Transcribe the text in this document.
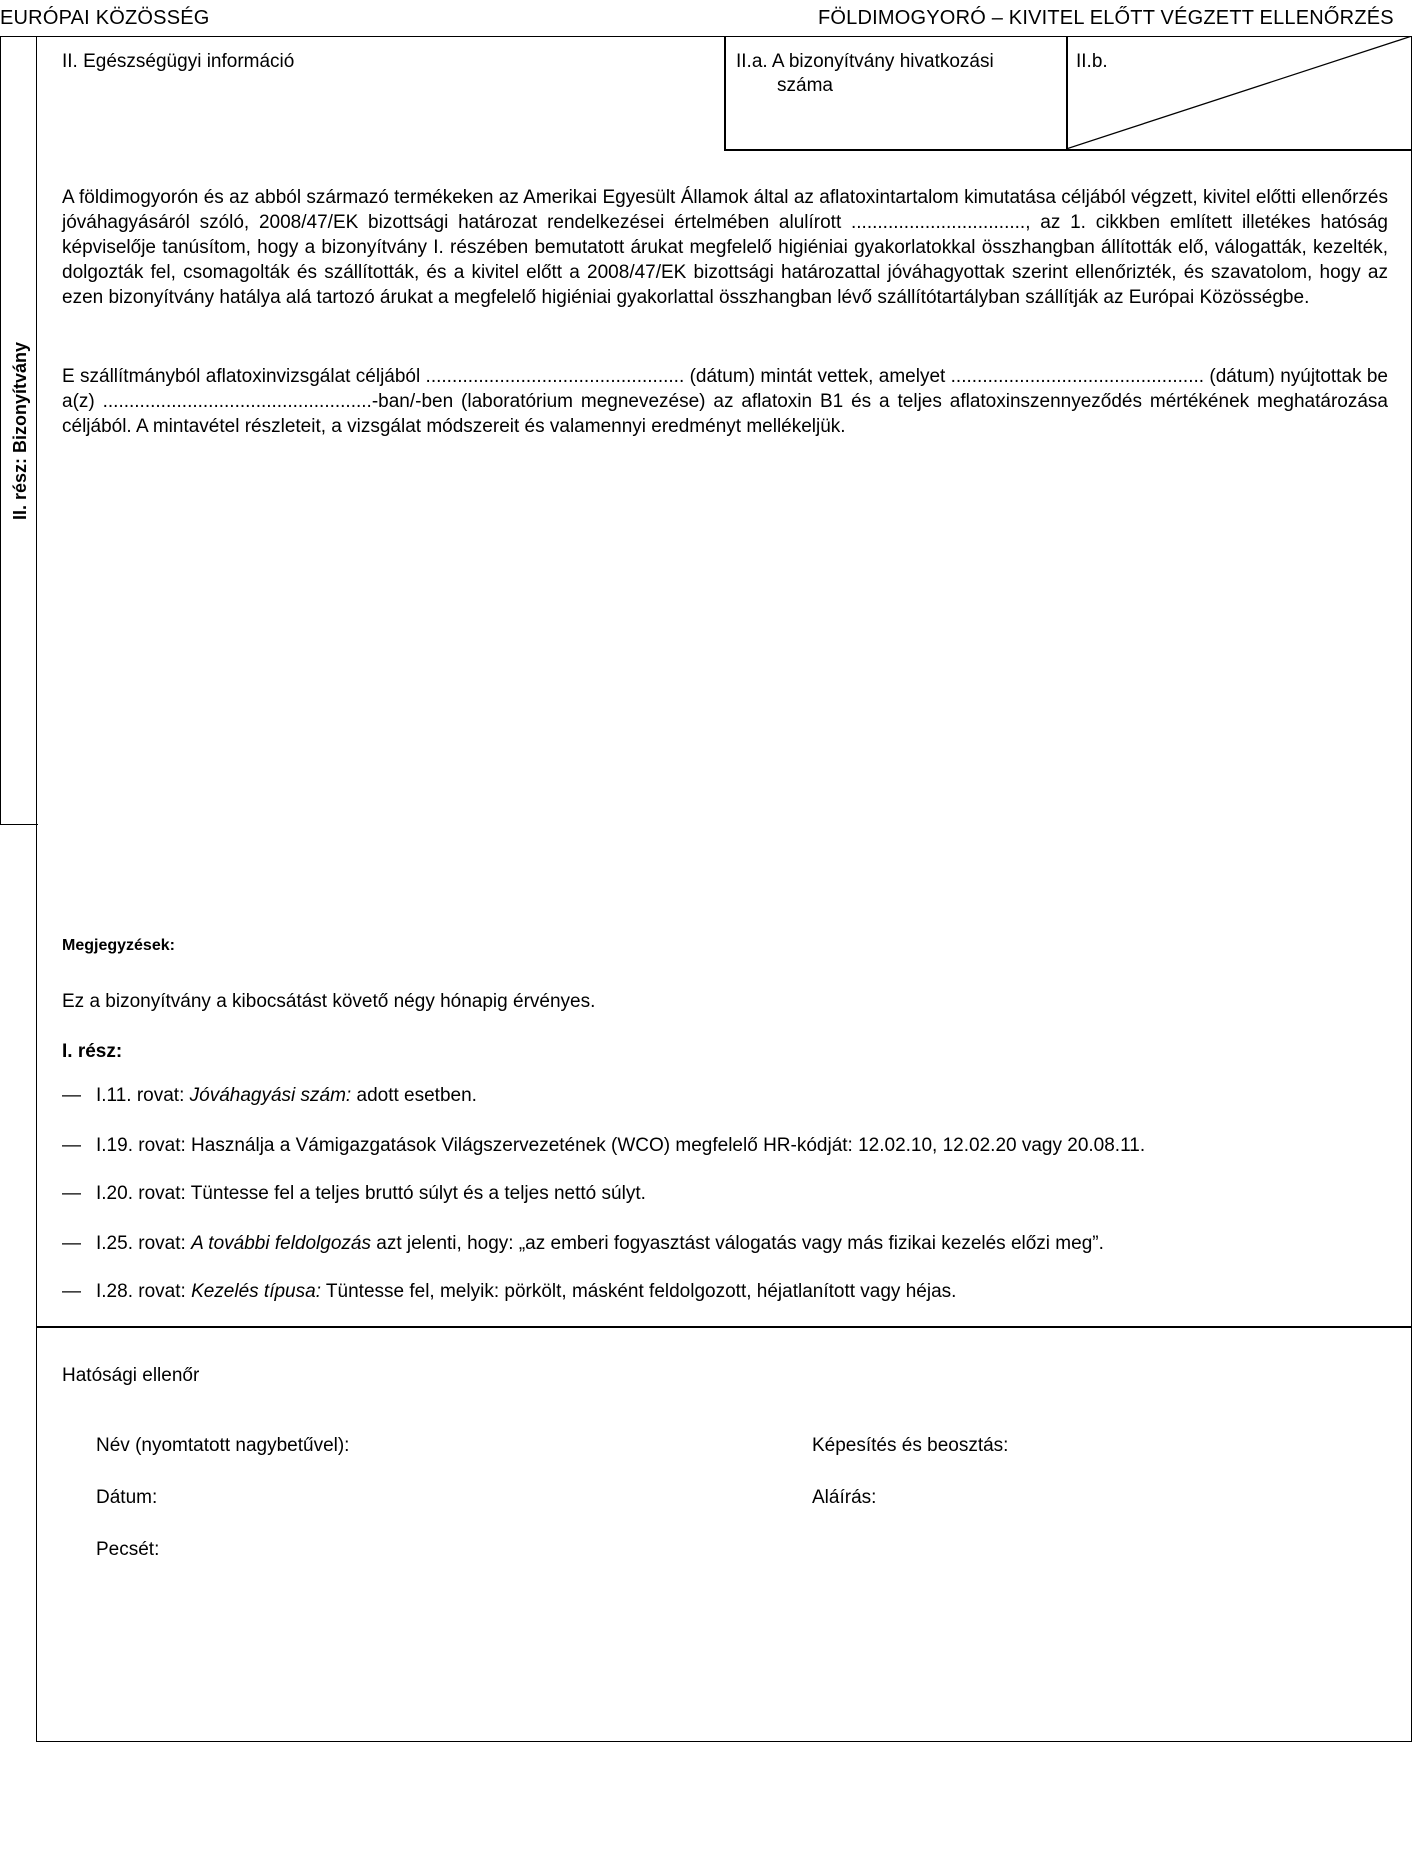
EURÓPAI KÖZÖSSÉG	FÖLDIMOGYORÓ – KIVITEL ELŐTT VÉGZETT ELLENŐRZÉS
II. rész: Bizonyítvány
II. Egészségügyi információ	II.a. A bizonyítvány hivatkozási
száma
II.b.
A földimogyorón és az abból származó termékeken az Amerikai Egyesült Államok által az aflatoxintartalom kimutatása céljából végzett, kivitel előtti ellenőrzés jóváhagyásáról szóló, 2008/47/EK bizottsági határozat rendelkezései értelmében alulírott ................................., az 1. cikkben említett illetékes hatóság képviselője tanúsítom, hogy a bizonyítvány I. részében bemutatott árukat megfelelő higiéniai gyakorlatokkal összhangban állították elő, válogatták, kezelték, dolgozták fel, csomagolták és szállították, és a kivitel előtt a 2008/47/EK bizottsági határozattal jóváhagyottak szerint ellenőrizték, és szavatolom, hogy az ezen bizonyítvány hatálya alá tartozó árukat a megfelelő higiéniai gyakorlattal összhangban lévő szállítótartályban szállítják az Európai Közösségbe.
E szállítmányból aflatoxinvizsgálat céljából ................................................. (dátum) mintát vettek, amelyet ................................................ (dátum) nyújtottak be a(z) ...................................................-ban/-ben (laboratórium megnevezése) az aflatoxin B1 és a teljes aflatoxinszennyeződés mértékének meghatározása céljából. A mintavétel részleteit, a vizsgálat módszereit és valamennyi eredményt mellékeljük.
Megjegyzések:
Ez a bizonyítvány a kibocsátást követő négy hónapig érvényes.
I. rész:
— I.11. rovat: Jóváhagyási szám: adott esetben.
— I.19. rovat: Használja a Vámigazgatások Világszervezetének (WCO) megfelelő HR-kódját: 12.02.10, 12.02.20 vagy 20.08.11.
— I.20. rovat: Tüntesse fel a teljes bruttó súlyt és a teljes nettó súlyt.
— I.25. rovat: A további feldolgozás azt jelenti, hogy: „az emberi fogyasztást válogatás vagy más fizikai kezelés előzi meg”.
— I.28. rovat: Kezelés típusa: Tüntesse fel, melyik: pörkölt, másként feldolgozott, héjatlanított vagy héjas.
Hatósági ellenőr
Név (nyomtatott nagybetűvel):	Képesítés és beosztás:
Dátum:	Aláírás:
Pecsét:
